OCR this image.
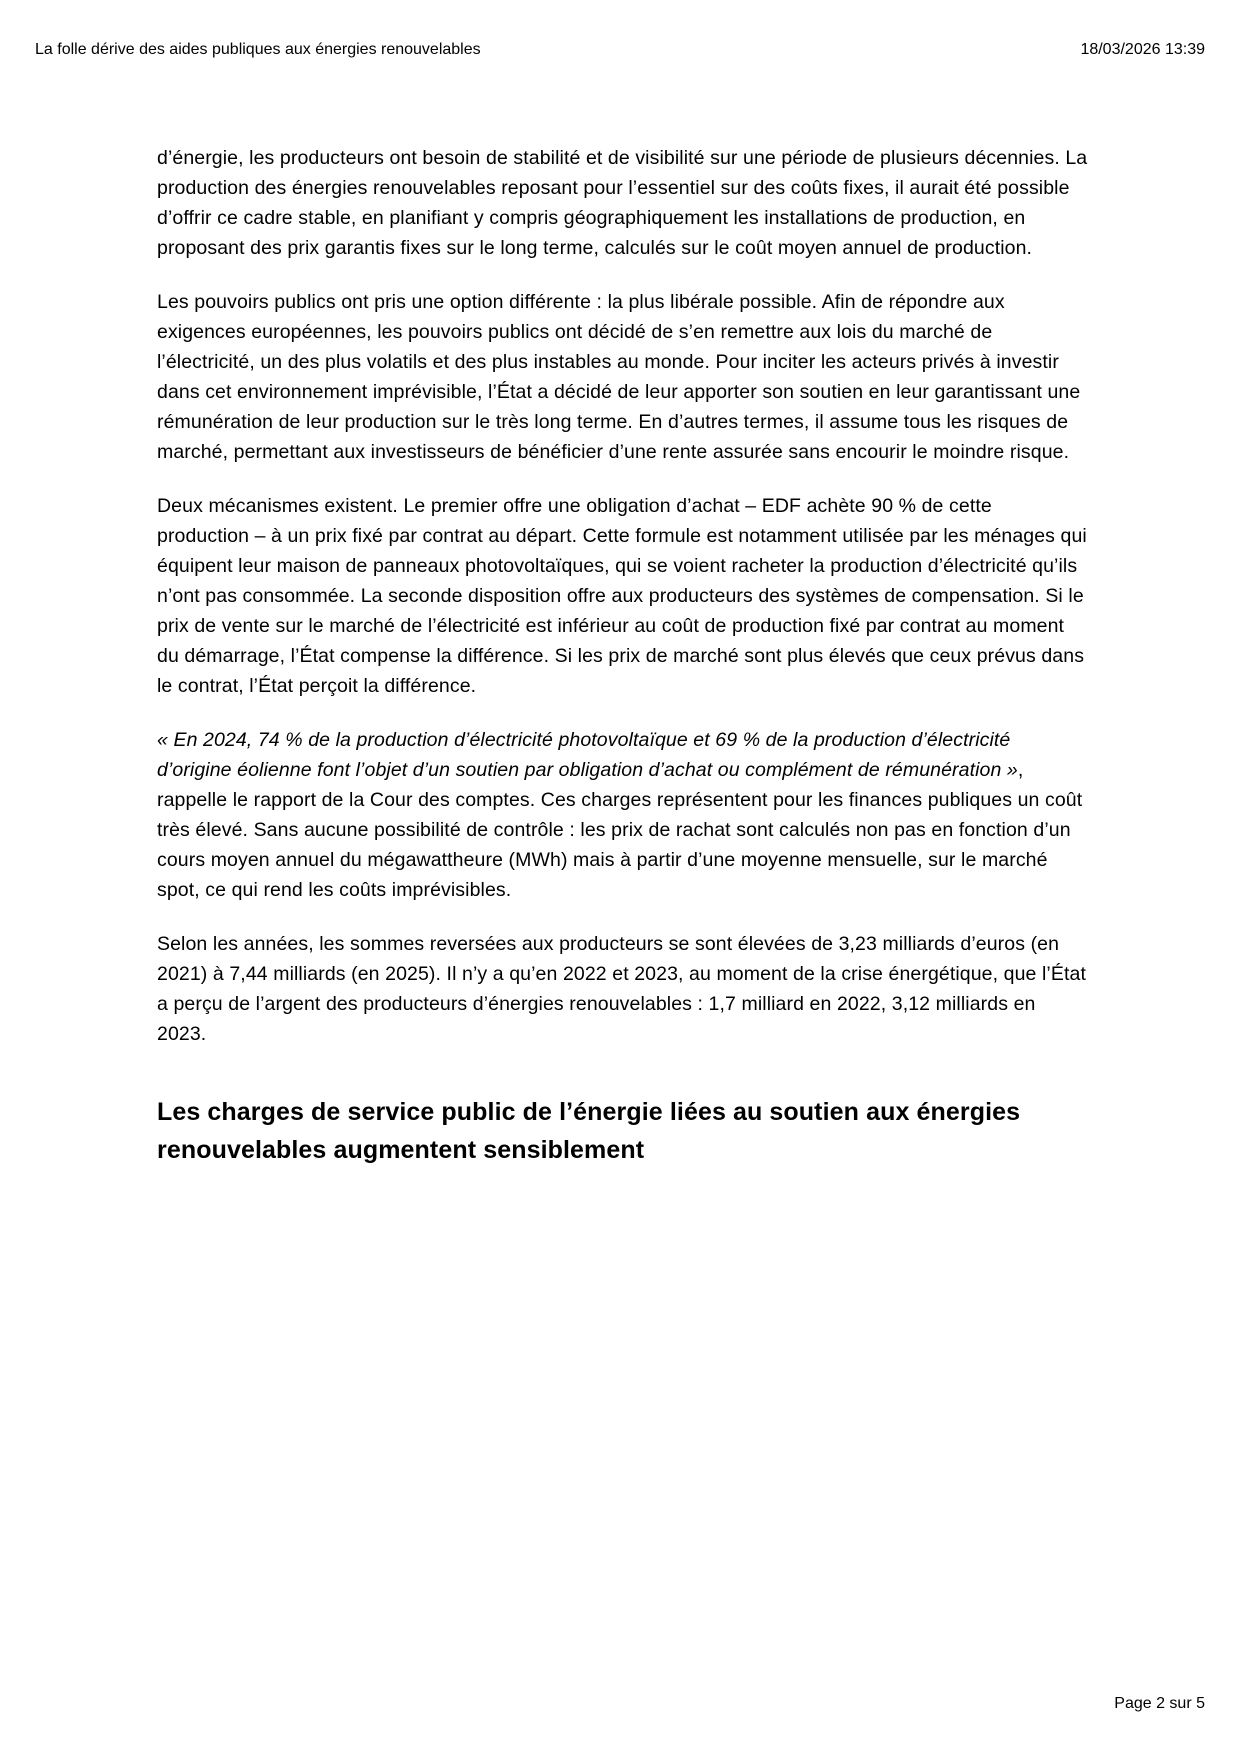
La folle dérive des aides publiques aux énergies renouvelables	18/03/2026 13:39

d’énergie, les producteurs ont besoin de stabilité et de visibilité sur une période de plusieurs décennies. La production des énergies renouvelables reposant pour l’essentiel sur des coûts fixes, il aurait été possible d’offrir ce cadre stable, en planifiant y compris géographiquement les installations de production, en proposant des prix garantis fixes sur le long terme, calculés sur le coût moyen annuel de production.

Les pouvoirs publics ont pris une option différente : la plus libérale possible. Afin de répondre aux exigences européennes, les pouvoirs publics ont décidé de s’en remettre aux lois du marché de l’électricité, un des plus volatils et des plus instables au monde. Pour inciter les acteurs privés à investir dans cet environnement imprévisible, l’État a décidé de leur apporter son soutien en leur garantissant une rémunération de leur production sur le très long terme. En d’autres termes, il assume tous les risques de marché, permettant aux investisseurs de bénéficier d’une rente assurée sans encourir le moindre risque.

Deux mécanismes existent. Le premier offre une obligation d’achat – EDF achète 90 % de cette production – à un prix fixé par contrat au départ. Cette formule est notamment utilisée par les ménages qui équipent leur maison de panneaux photovoltaïques, qui se voient racheter la production d’électricité qu’ils n’ont pas consommée. La seconde disposition offre aux producteurs des systèmes de compensation. Si le prix de vente sur le marché de l’électricité est inférieur au coût de production fixé par contrat au moment du démarrage, l’État compense la différence. Si les prix de marché sont plus élevés que ceux prévus dans le contrat, l’État perçoit la différence.

« En 2024, 74 % de la production d’électricité photovoltaïque et 69 % de la production d’électricité d’origine éolienne font l’objet d’un soutien par obligation d’achat ou complément de rémunération », rappelle le rapport de la Cour des comptes. Ces charges représentent pour les finances publiques un coût très élevé. Sans aucune possibilité de contrôle : les prix de rachat sont calculés non pas en fonction d’un cours moyen annuel du mégawattheure (MWh) mais à partir d’une moyenne mensuelle, sur le marché spot, ce qui rend les coûts imprévisibles.

Selon les années, les sommes reversées aux producteurs se sont élevées de 3,23 milliards d’euros (en 2021) à 7,44 milliards (en 2025). Il n’y a qu’en 2022 et 2023, au moment de la crise énergétique, que l’État a perçu de l’argent des producteurs d’énergies renouvelables : 1,7 milliard en 2022, 3,12 milliards en 2023.

Les charges de service public de l’énergie liées au soutien aux énergies renouvelables augmentent sensiblement
Page 2 sur 5
